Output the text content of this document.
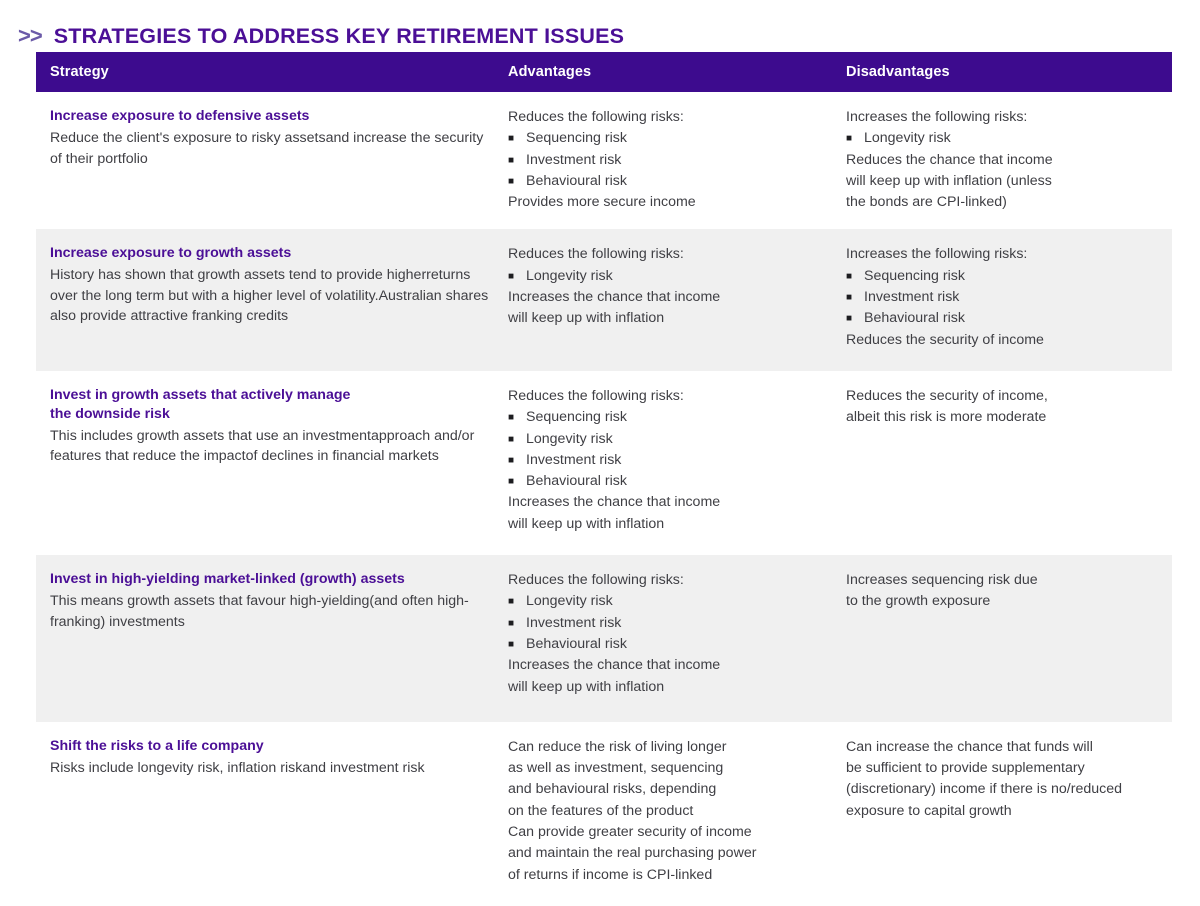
>> STRATEGIES TO ADDRESS KEY RETIREMENT ISSUES
Strategy	Advantages	Disadvantages

Increase exposure to defensive assets

Reduce the client's exposure to risky assetsand increase the security of their portfolio

Reduces the following risks:
■ Sequencing risk
■ Investment risk
■ Behavioural risk
Provides more secure income

Increases the following risks:
■ Longevity risk
Reduces the chance that income
will keep up with inflation (unless
the bonds are CPI-linked)

Increase exposure to growth assets

History has shown that growth assets tend to provide higherreturns over the long term but with a higher level of volatility.Australian shares also provide attractive franking credits

Reduces the following risks:
■ Longevity risk
Increases the chance that income
will keep up with inflation

Increases the following risks:
■ Sequencing risk
■ Investment risk
■ Behavioural risk
Reduces the security of income

Invest in growth assets that actively manage
the downside risk

This includes growth assets that use an investmentapproach and/or features that reduce the impactof declines in financial markets

Reduces the following risks:
■ Sequencing risk
■ Longevity risk
■ Investment risk
■ Behavioural risk
Increases the chance that income
will keep up with inflation

Reduces the security of income,
albeit this risk is more moderate

Invest in high-yielding market-linked (growth) assets

This means growth assets that favour high-yielding(and often high-franking) investments

Reduces the following risks:
■ Longevity risk
■ Investment risk
■ Behavioural risk
Increases the chance that income
will keep up with inflation

Increases sequencing risk due
to the growth exposure

Shift the risks to a life company

Risks include longevity risk, inflation riskand investment risk

Can reduce the risk of living longer
as well as investment, sequencing
and behavioural risks, depending
on the features of the product
Can provide greater security of income
and maintain the real purchasing power
of returns if income is CPI-linked

Can increase the chance that funds will
be sufficient to provide supplementary
(discretionary) income if there is no/reduced
exposure to capital growth
